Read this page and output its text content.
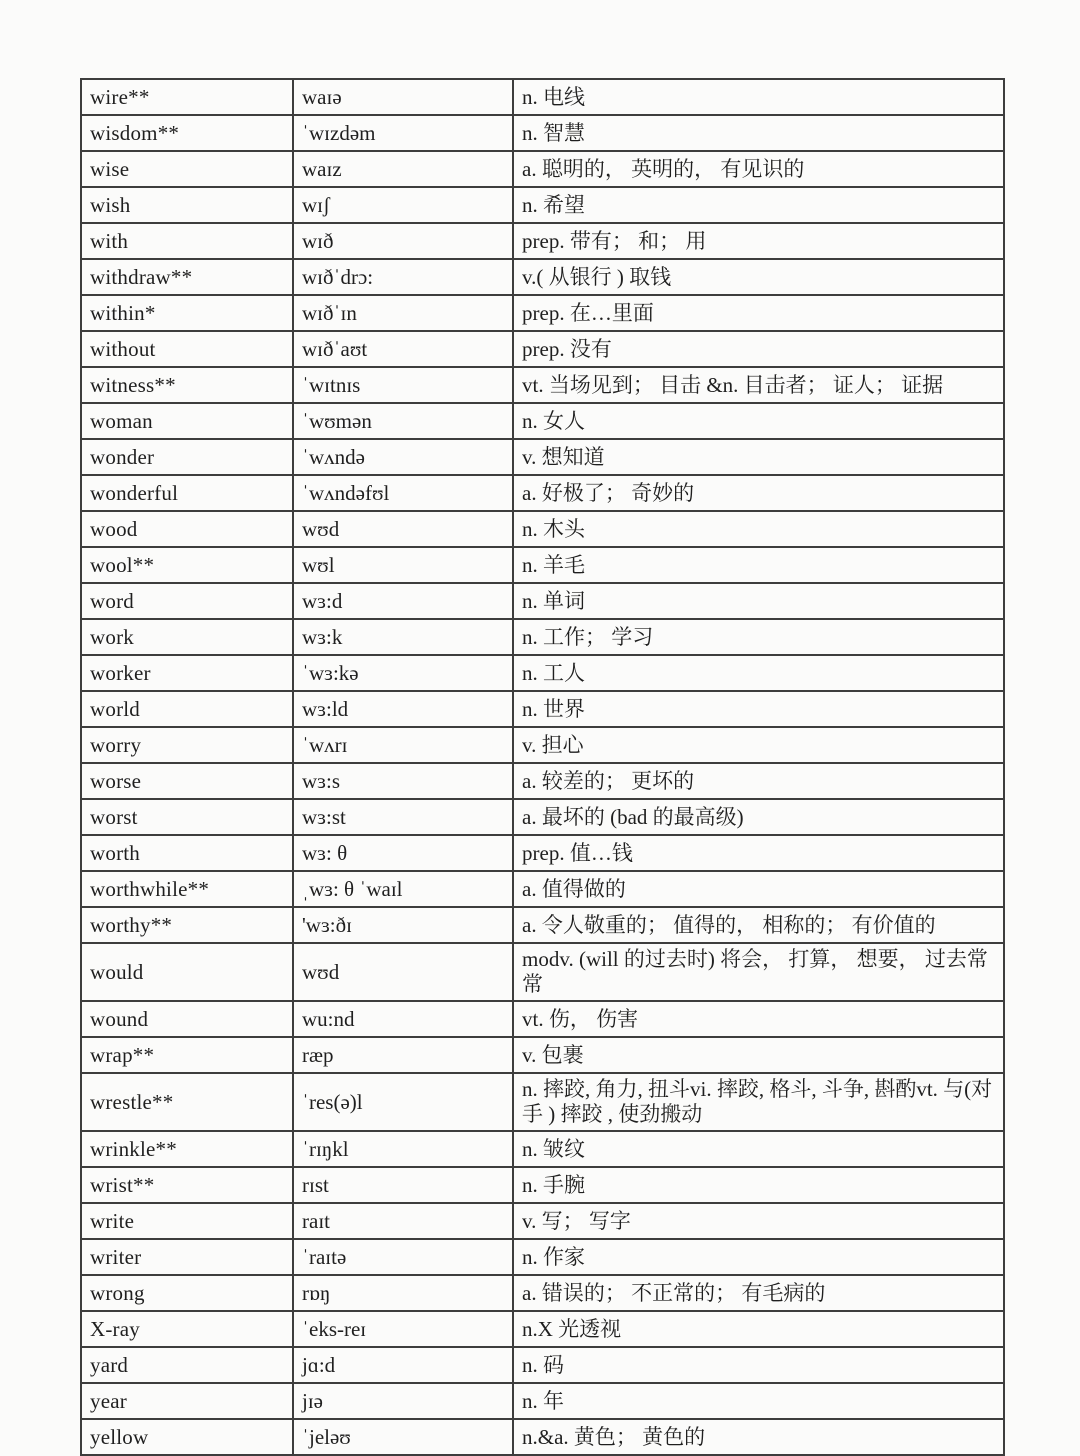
wire**	waɪə	n. 电线
wisdom**	ˈwɪzdəm	n. 智慧
wise	waɪz	a. 聪明的， 英明的， 有见识的
wish	wɪʃ	n. 希望
with	wɪð	prep. 带有； 和； 用
withdraw**	wɪðˈdrɔ:	v.( 从银行 ) 取钱
within*	wɪðˈɪn	prep. 在…里面
without	wɪðˈaʊt	prep. 没有
witness**	ˈwɪtnɪs	vt. 当场见到； 目击 &n. 目击者； 证人； 证据
woman	ˈwʊmən	n. 女人
wonder	ˈwʌndə	v. 想知道
wonderful	ˈwʌndəfʊl	a. 好极了； 奇妙的
wood	wʊd	n. 木头
wool**	wʊl	n. 羊毛
word	wɜ:d	n. 单词
work	wɜ:k	n. 工作； 学习
worker	ˈwɜ:kə	n. 工人
world	wɜ:ld	n. 世界
worry	ˈwʌrɪ	v. 担心
worse	wɜ:s	a. 较差的； 更坏的
worst	wɜ:st	a. 最坏的 (bad 的最高级)
worth	wɜ: θ	prep. 值…钱
worthwhile**	ˌwɜ: θ ˈwaɪl	a. 值得做的
worthy**	'wɜ:ðɪ	a. 令人敬重的； 值得的， 相称的； 有价值的
would	wʊd	modv. (will 的过去时) 将会， 打算， 想要， 过去常常
wound	wu:nd	vt. 伤， 伤害
wrap**	ræp	v. 包裹
wrestle**	ˈres(ə)l	n. 摔跤, 角力, 扭斗vi. 摔跤, 格斗, 斗争, 斟酌vt. 与(对手 ) 摔跤 , 使劲搬动
wrinkle**	ˈrɪŋkl	n. 皱纹
wrist**	rɪst	n. 手腕
write	raɪt	v. 写； 写字
writer	ˈraɪtə	n. 作家
wrong	rɒŋ	a. 错误的； 不正常的； 有毛病的
X-ray	ˈeks-reɪ	n.X 光透视
yard	jɑ:d	n. 码
year	jɪə	n. 年
yellow	ˈjeləʊ	n.&a. 黄色； 黄色的
